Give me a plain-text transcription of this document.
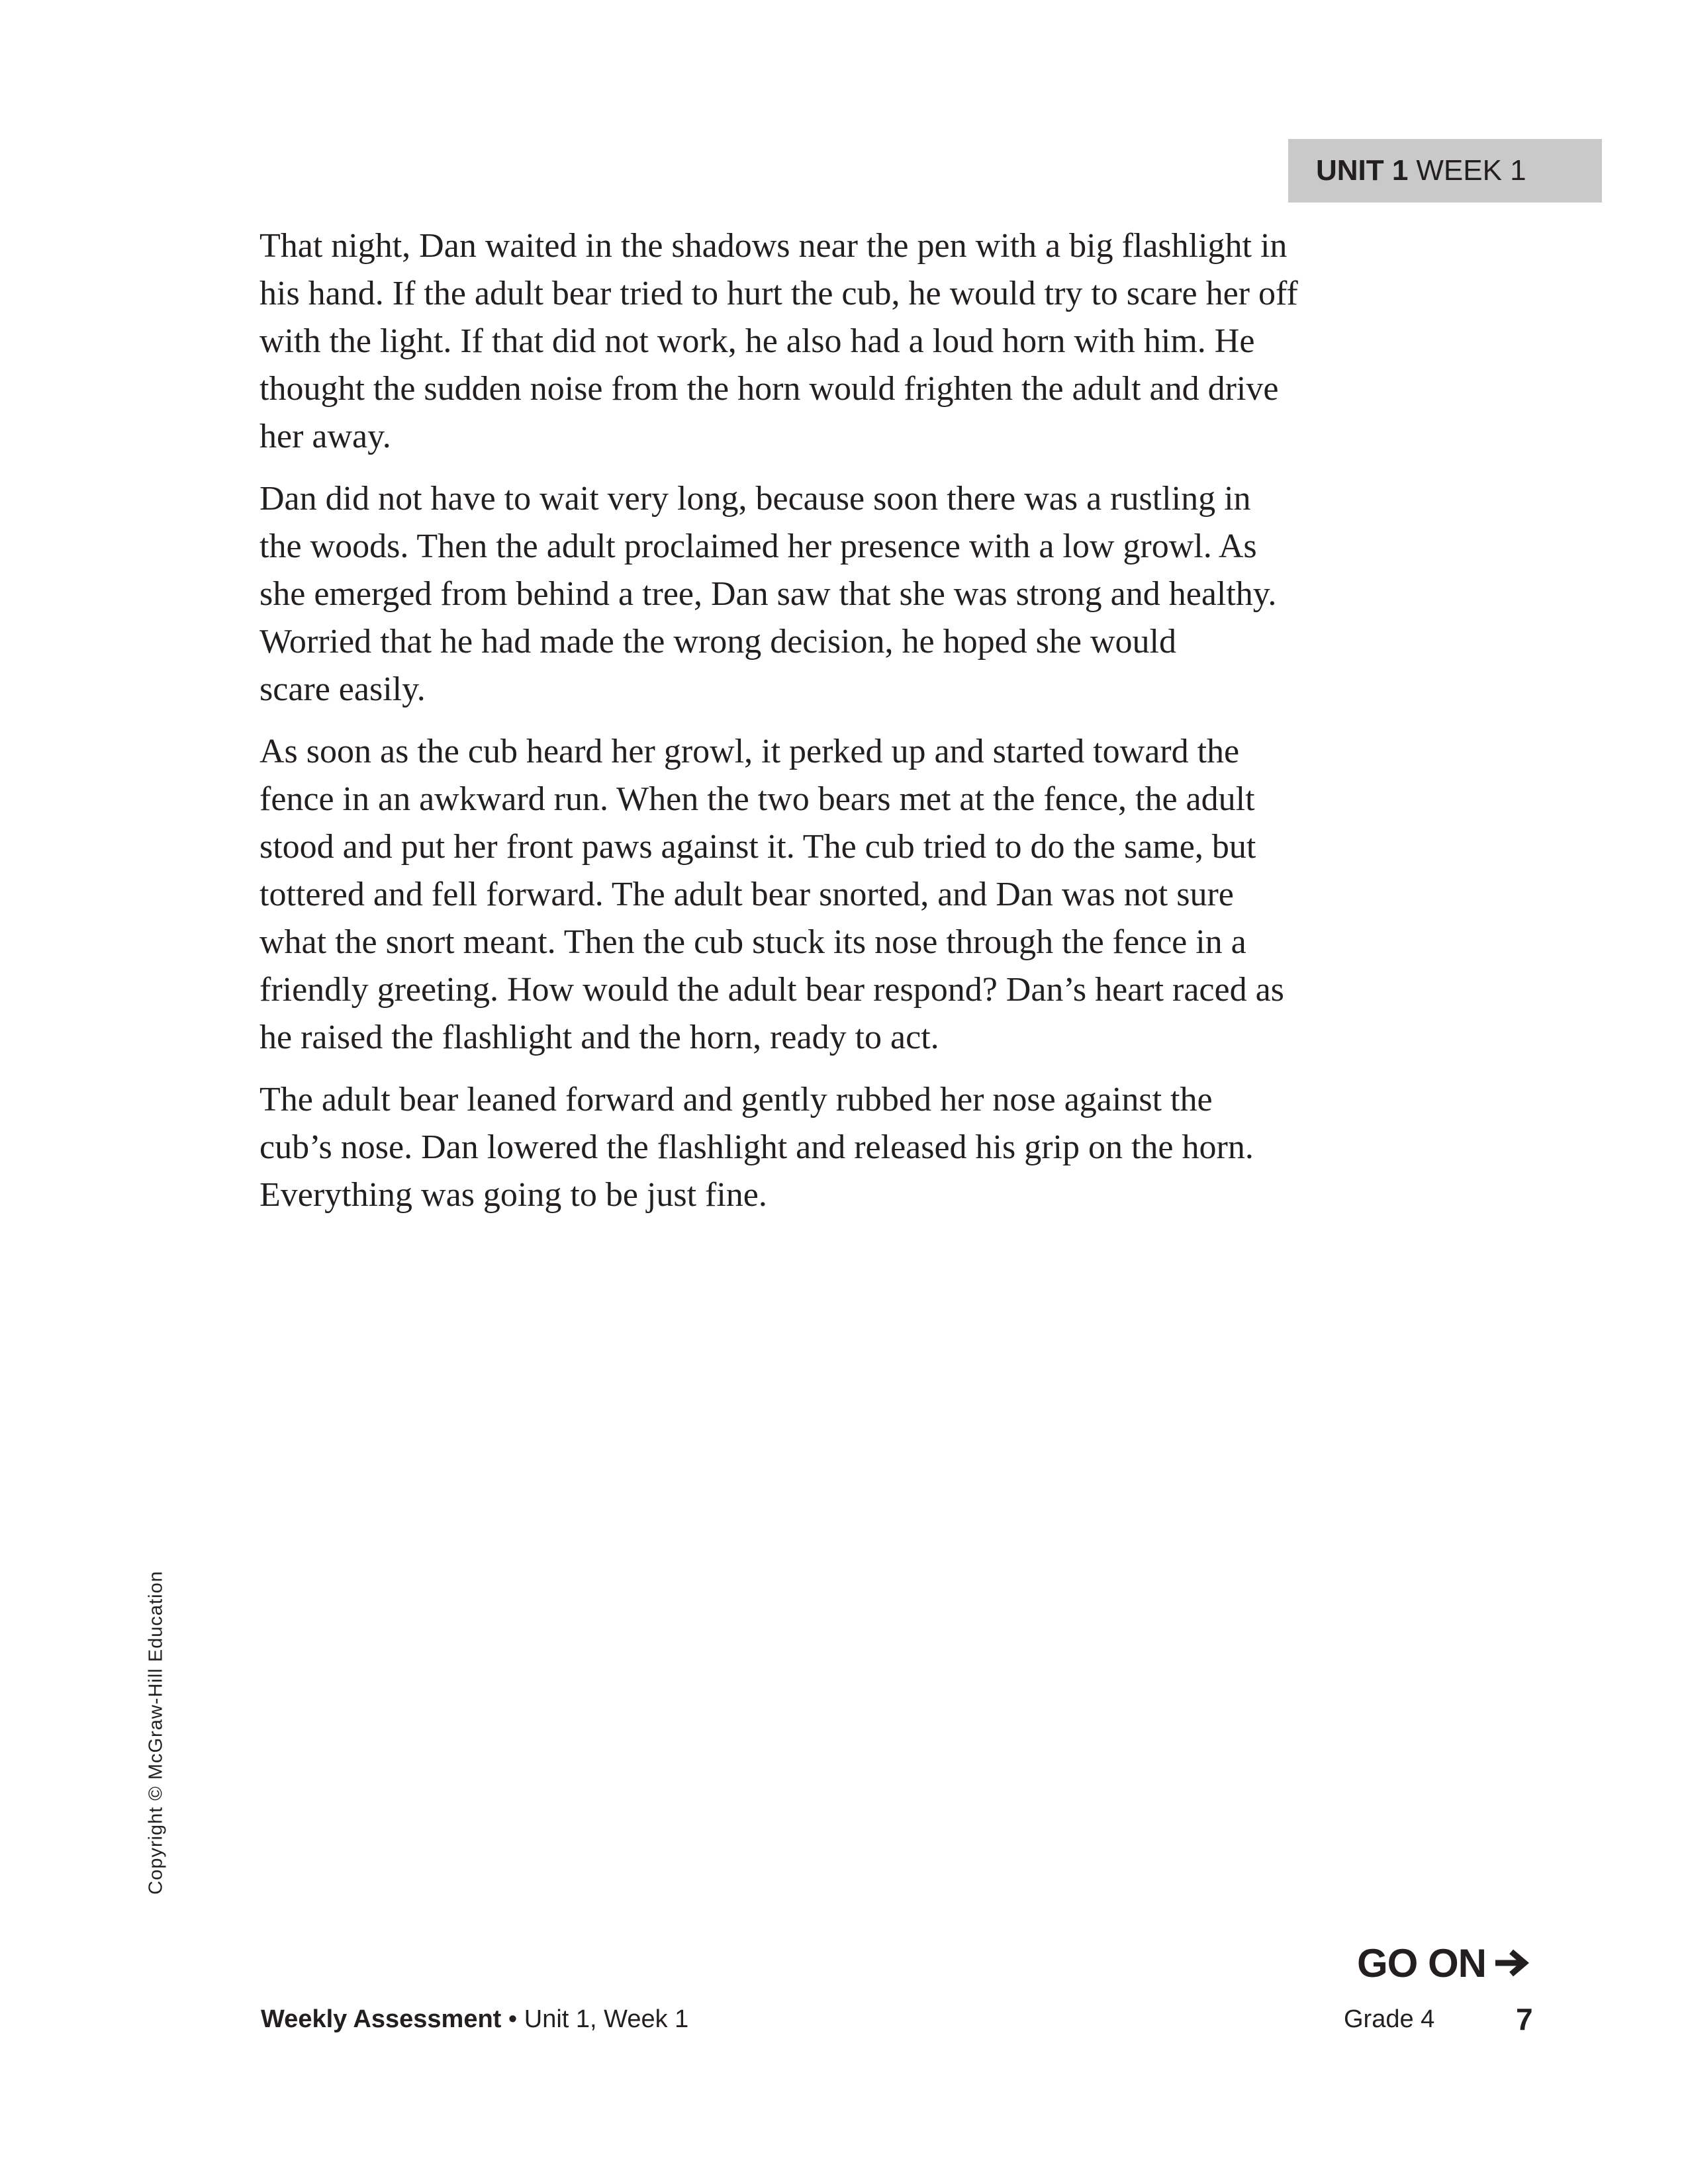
UNIT 1 WEEK 1

That night, Dan waited in the shadows near the pen with a big flashlight in
his hand. If the adult bear tried to hurt the cub, he would try to scare her off
with the light. If that did not work, he also had a loud horn with him. He
thought the sudden noise from the horn would frighten the adult and drive
her away.

Dan did not have to wait very long, because soon there was a rustling in
the woods. Then the adult proclaimed her presence with a low growl. As
she emerged from behind a tree, Dan saw that she was strong and healthy.
Worried that he had made the wrong decision, he hoped she would
scare easily.

As soon as the cub heard her growl, it perked up and started toward the
fence in an awkward run. When the two bears met at the fence, the adult
stood and put her front paws against it. The cub tried to do the same, but
tottered and fell forward. The adult bear snorted, and Dan was not sure
what the snort meant. Then the cub stuck its nose through the fence in a
friendly greeting. How would the adult bear respond? Dan’s heart raced as
he raised the flashlight and the horn, ready to act.

The adult bear leaned forward and gently rubbed her nose against the
cub’s nose. Dan lowered the flashlight and released his grip on the horn.
Everything was going to be just fine.

Copyright © McGraw-Hill Education
GO ON
Weekly Assessment • Unit 1, Week 1	Grade 4	7
